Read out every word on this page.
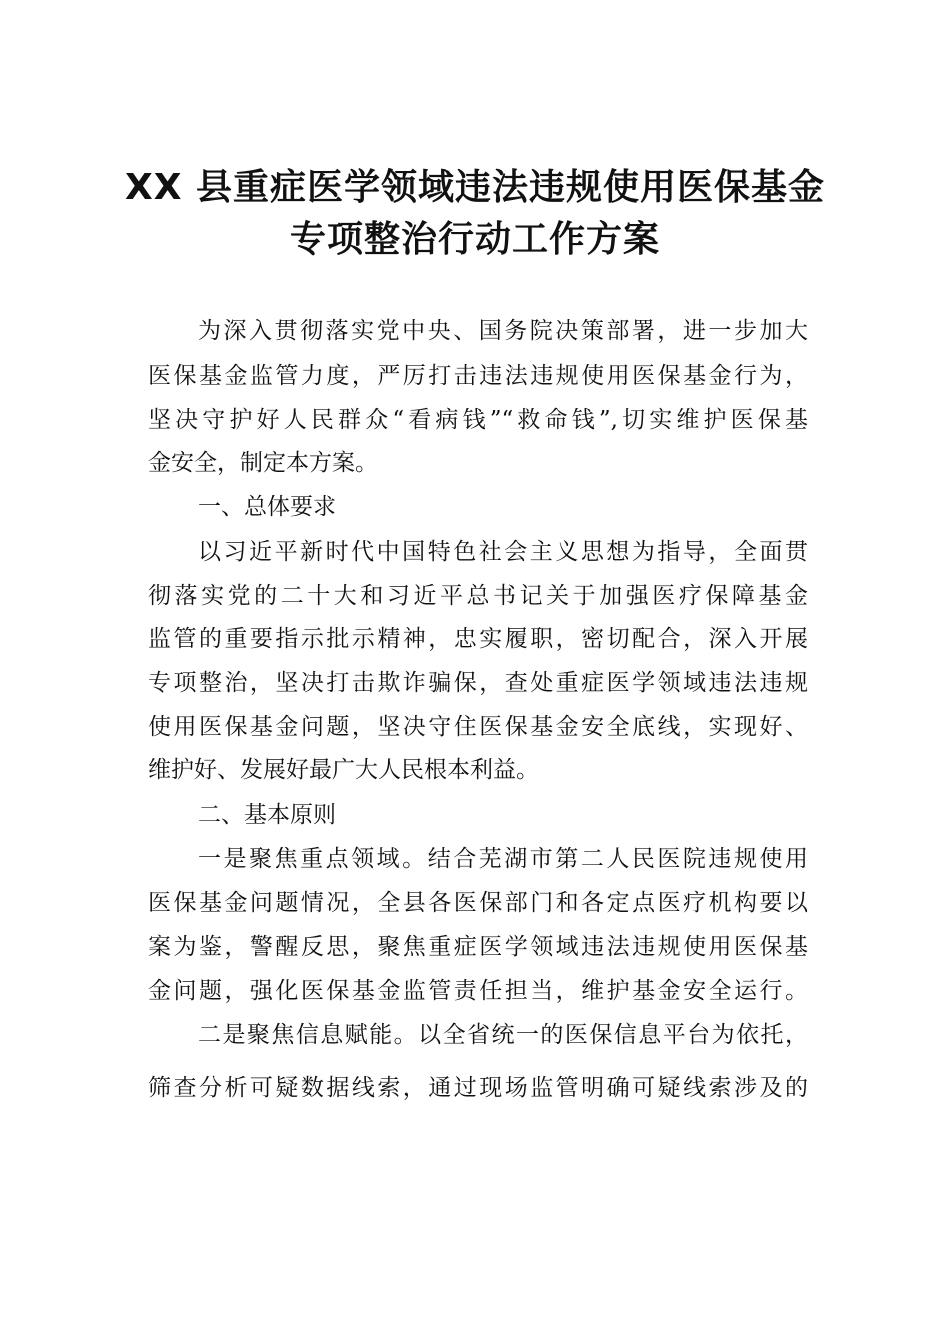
XX 县重症医学领域违法违规使用医保基金
专项整治行动工作方案
为深入贯彻落实党中央、国务院决策部署，进一步加大
医保基金监管力度，严厉打击违法违规使用医保基金行为，
坚决守护好人民群众“看病钱”“救命钱”,切实维护医保基
金安全，制定本方案。
一、总体要求
以习近平新时代中国特色社会主义思想为指导，全面贯
彻落实党的二十大和习近平总书记关于加强医疗保障基金
监管的重要指示批示精神，忠实履职，密切配合，深入开展
专项整治，坚决打击欺诈骗保，查处重症医学领域违法违规
使用医保基金问题，坚决守住医保基金安全底线，实现好、
维护好、发展好最广大人民根本利益。
二、基本原则
一是聚焦重点领域。结合芜湖市第二人民医院违规使用
医保基金问题情况，全县各医保部门和各定点医疗机构要以
案为鉴，警醒反思，聚焦重症医学领域违法违规使用医保基
金问题，强化医保基金监管责任担当，维护基金安全运行。
二是聚焦信息赋能。以全省统一的医保信息平台为依托，
筛查分析可疑数据线索，通过现场监管明确可疑线索涉及的
